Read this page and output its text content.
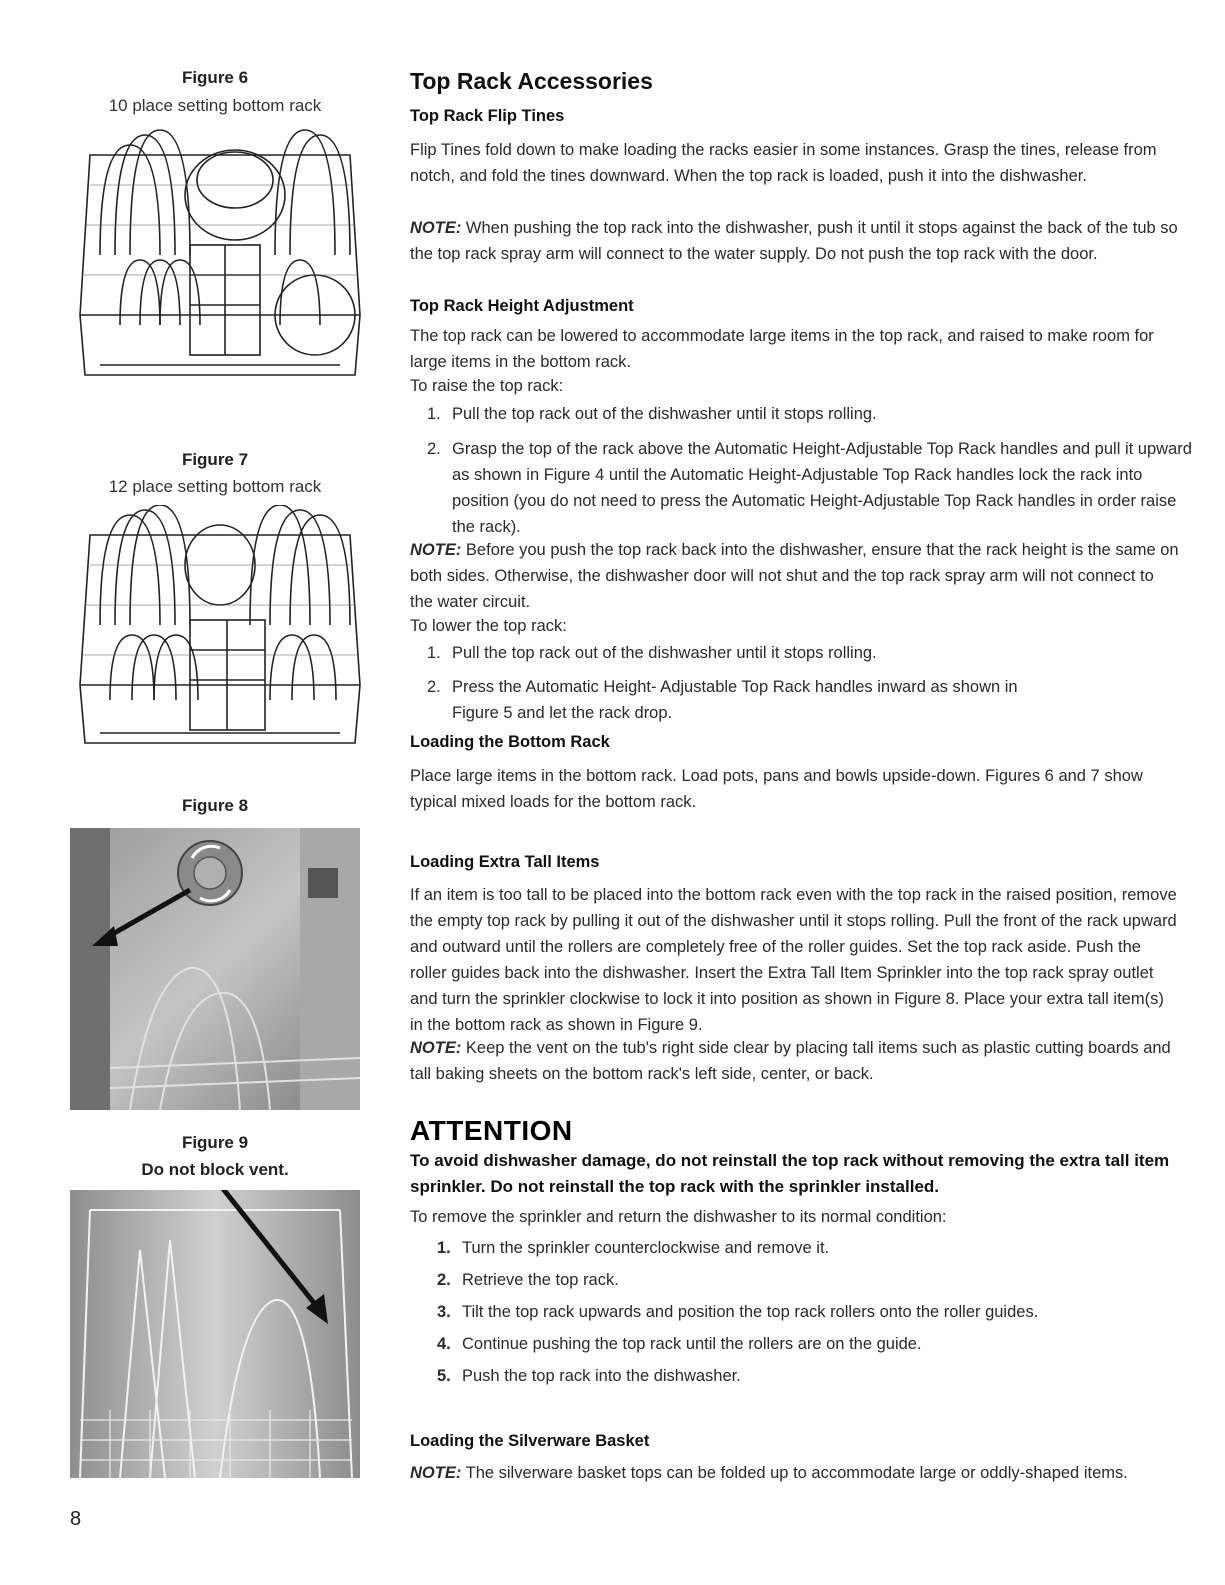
Figure 6
10 place setting bottom rack
Figure 7
12 place setting bottom rack
Figure 8
Figure 9
Do not block vent.
Top Rack Accessories
Top Rack Flip Tines

Flip Tines fold down to make loading the racks easier in some instances. Grasp the tines, release from notch, and fold the tines downward. When the top rack is loaded, push it into the dishwasher.

NOTE: When pushing the top rack into the dishwasher, push it until it stops against the back of the tub so the top rack spray arm will connect to the water supply. Do not push the top rack with the door.

Top Rack Height Adjustment

The top rack can be lowered to accommodate large items in the top rack, and raised to make room for large items in the bottom rack.

To raise the top rack:

1. Pull the top rack out of the dishwasher until it stops rolling.
2. Grasp the top of the rack above the Automatic Height-Adjustable Top Rack handles and pull it upward as shown in Figure 4 until the Automatic Height-Adjustable Top Rack handles lock the rack into position (you do not need to press the Automatic Height-Adjustable Top Rack handles in order raise the rack).

NOTE: Before you push the top rack back into the dishwasher, ensure that the rack height is the same on both sides. Otherwise, the dishwasher door will not shut and the top rack spray arm will not connect to the water circuit.

To lower the top rack:

1. Pull the top rack out of the dishwasher until it stops rolling.
2. Press the Automatic Height- Adjustable Top Rack handles inward as shown in Figure 5 and let the rack drop.
Loading the Bottom Rack

Place large items in the bottom rack. Load pots, pans and bowls upside-down. Figures 6 and 7 show typical mixed loads for the bottom rack.

Loading Extra Tall Items

If an item is too tall to be placed into the bottom rack even with the top rack in the raised position, remove the empty top rack by pulling it out of the dishwasher until it stops rolling. Pull the front of the rack upward and outward until the rollers are completely free of the roller guides. Set the top rack aside. Push the roller guides back into the dishwasher. Insert the Extra Tall Item Sprinkler into the top rack spray outlet and turn the sprinkler clockwise to lock it into position as shown in Figure 8. Place your extra tall item(s) in the bottom rack as shown in Figure 9.

NOTE: Keep the vent on the tub's right side clear by placing tall items such as plastic cutting boards and tall baking sheets on the bottom rack's left side, center, or back.

ATTENTION

To avoid dishwasher damage, do not reinstall the top rack without removing the extra tall item sprinkler. Do not reinstall the top rack with the sprinkler installed.

To remove the sprinkler and return the dishwasher to its normal condition:

1. Turn the sprinkler counterclockwise and remove it.
2. Retrieve the top rack.
3. Tilt the top rack upwards and position the top rack rollers onto the roller guides.
4. Continue pushing the top rack until the rollers are on the guide.
5. Push the top rack into the dishwasher.
Loading the Silverware Basket

NOTE: The silverware basket tops can be folded up to accommodate large or oddly-shaped items.

8
